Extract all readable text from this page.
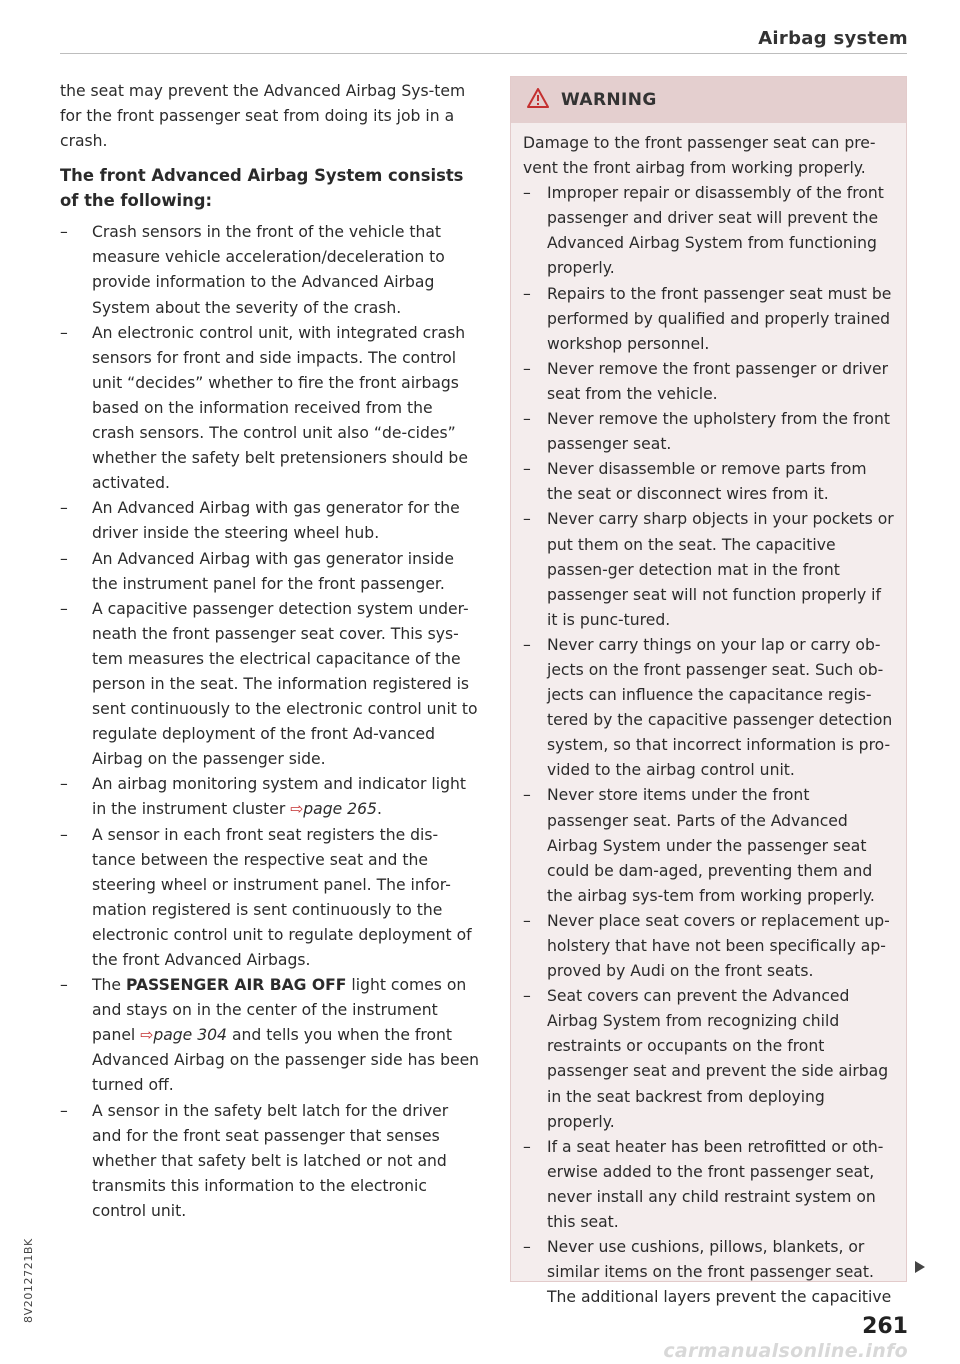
Airbag system

the seat may prevent the Advanced Airbag Sys-tem for the front passenger seat from doing its job in a crash.

The front Advanced Airbag System consists of the following:

– Crash sensors in the front of the vehicle that measure vehicle acceleration/deceleration to provide information to the Advanced Airbag System about the severity of the crash.
– An electronic control unit, with integrated crash sensors for front and side impacts. The control unit “decides” whether to fire the front airbags based on the information received from the crash sensors. The control unit also “de-cides” whether the safety belt pretensioners should be activated.
– An Advanced Airbag with gas generator for the driver inside the steering wheel hub.
– An Advanced Airbag with gas generator inside the instrument panel for the front passenger.
– A capacitive passenger detection system under-neath the front passenger seat cover. This sys-tem measures the electrical capacitance of the person in the seat. The information registered is sent continuously to the electronic control unit to regulate deployment of the front Ad-vanced Airbag on the passenger side.
– An airbag monitoring system and indicator light in the instrument cluster ⇨page 265.
– A sensor in each front seat registers the dis-tance between the respective seat and the steering wheel or instrument panel. The infor-mation registered is sent continuously to the electronic control unit to regulate deployment of the front Advanced Airbags.
– The PASSENGER AIR BAG OFF light comes on and stays on in the center of the instrument panel ⇨page 304 and tells you when the front Advanced Airbag on the passenger side has been turned off.
– A sensor in the safety belt latch for the driver and for the front seat passenger that senses whether that safety belt is latched or not and transmits this information to the electronic control unit.
WARNING

Damage to the front passenger seat can pre-vent the front airbag from working properly.

– Improper repair or disassembly of the front passenger and driver seat will prevent the Advanced Airbag System from functioning properly.
– Repairs to the front passenger seat must be performed by qualified and properly trained workshop personnel.
– Never remove the front passenger or driver seat from the vehicle.
– Never remove the upholstery from the front passenger seat.
– Never disassemble or remove parts from the seat or disconnect wires from it.
– Never carry sharp objects in your pockets or put them on the seat. The capacitive passen-ger detection mat in the front passenger seat will not function properly if it is punc-tured.
– Never carry things on your lap or carry ob-jects on the front passenger seat. Such ob-jects can influence the capacitance regis-tered by the capacitive passenger detection system, so that incorrect information is pro-vided to the airbag control unit.
– Never store items under the front passenger seat. Parts of the Advanced Airbag System under the passenger seat could be dam-aged, preventing them and the airbag sys-tem from working properly.
– Never place seat covers or replacement up-holstery that have not been specifically ap-proved by Audi on the front seats.
– Seat covers can prevent the Advanced Airbag System from recognizing child restraints or occupants on the front passenger seat and prevent the side airbag in the seat backrest from deploying properly.
– If a seat heater has been retrofitted or oth-erwise added to the front passenger seat, never install any child restraint system on this seat.
– Never use cushions, pillows, blankets, or similar items on the front passenger seat. The additional layers prevent the capacitive
261
8V2012721BK
carmanualsonline.info
